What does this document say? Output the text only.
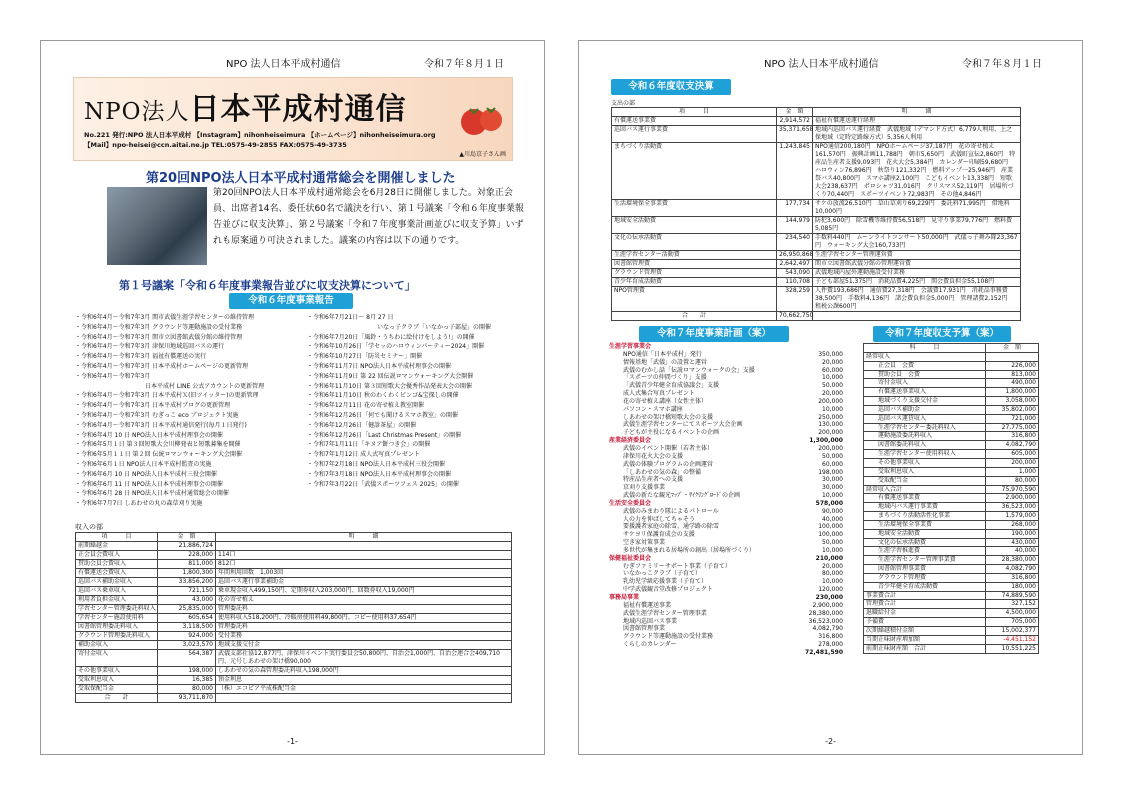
NPO 法人日本平成村通信	令和７年８月１日
NPO法人日本平成村通信
No.221 発行:NPO 法人日本平成村 【Instagram】nihonheiseimura 【ホームページ】nihonheiseimura.org
【Mail】npo-heisei@ccn.aitai.ne.jp TEL:0575-49-2855 FAX:0575-49-3735
▲川島京子さん画
第20回NPO法人日本平成村通常総会を開催しました
第20回NPO法人日本平成村通常総会を6月28日に開催しました。対象正会員、出席者14名、委任状60名で議決を行い、第１号議案「令和６年度事業報告並びに収支決算」、第２号議案「令和７年度事業計画並びに収支予算」いずれも原案通り可決されました。議案の内容は以下の通りです。
第１号議案「令和６年度事業報告並びに収支決算について」
令和６年度事業報告
・令和6年4月～令和7年3月 関市武儀生涯学習センターの維持管理
・令和6年4月～令和7年3月 グラウンド等運動施設の受付業務
・令和6年4月～令和7年3月 関市立図書館武儀分館の維持管理
・令和6年4月～令和7年3月 津保川地域巡回バスの運行
・令和6年4月～令和7年3月 福祉有償運送の実行
・令和6年4月～令和7年3月 日本平成村ホームページの更新管理
・令和6年4月～令和7年3月
日本平成村 LINE 公式アカウントの更新管理
・令和6年4月～令和7年3月 日本平成村Ｘ(旧ツイッター)の更新管理
・令和6年4月～令和7年3月 日本平成村ブログの更新管理
・令和6年4月～令和7年3月 むぎっこ eco プロジェクト実施
・令和6年4月～令和7年3月 日本平成村通信発行(毎月１日発行)
・令和6年4月 10 日 NPO法人日本平成村理事会の開催
・令和6年5月１日 第３回短歌大会川柳発表と短歌募集を開催
・令和6年5月１１日 第２回 伝統ロマンウォーキング大会開催
・令和6年6月１日 NPO法人日本平成村監査の実施
・令和6年6月 10 日 NPO法人日本平成村三役会開催
・令和6年6月 11 日 NPO法人日本平成村理事会の開催
・令和6年6月 28 日 NPO法人日本平成村通常総会の開催
・令和6年7月7日 しあわせの丸の森草刈り実施
・令和6年7月21日～ 8月 27 日
いなっ子クラブ「いなかっ子部屋」の開催
・令和6年7月20日「風鈴・うちわに絵付けをしよう!」の開催
・令和6年10月26日「学セッのハロウィンパーティー2024」開催
・令和6年10月27日「防災セミナー」開催
・令和6年11月7日 NPO法人日本平成村理事会の開催
・令和6年11月9日 第 22 回伝説ロマンウォーキング大会開催
・令和6年11月10日 第３回短歌大会優秀作品発表大会の開催
・令和6年11月10日 秋のわくわくビンゴ&宝探しの開催
・令和6年12月11日 花の寄せ植え教室開催
・令和6年12月26日「何でも聞けるスマホ教室」の開催
・令和6年12月26日「健診茶屋」の開催
・令和6年12月26日「Last Christmas Present」の開催
・令和7年1月11日「キヌア餅つき会」の開催
・令和7年1月12日 成人式写真プレゼント
・令和7年2月18日 NPO法人日本平成村三役会開催
・令和7年3月18日 NPO法人日本平成村理事会の開催
・令和7年3月22日「武儀スポーツフェス 2025」の開催
収入の部
項　　　目	金　額	明　　　細
前期繰越金	21,886,724	
正会員会費収入	228,000	114口
賛助会員会費収入	811,000	812口
有償運送会費収入	1,800,300	年間利用回数　1,003回
巡回バス補助金収入	33,856,200	巡回バス運行事業補助金
巡回バス乗車収入	721,150	乗車現金収入499,150円、定期券収入203,000円、回数券収入19,000円
利用者負担金収入	43,000	花の寄せ植え
学習センター管理委託料収入	25,835,000	管理委託料
学習センター施設使用料	605,654	使用料収入518,200円、冷暖房使用料49,800円、コピー使用料37,654円
図書館管理委託料収入	3,118,500	管理委託料
グラウンド管理委託料収入	924,000	受付業務
補助金収入	3,023,570	地域支援交付金
寄付金収入	564,387	武儀支部社協12,877円、津保川イベント実行委員会50,800円、自治会1,000円、自治会連合会409,710円、元号しあわせの架け橋90,000
その他事業収入	198,000	しあわせの気の森管理委託料収入198,000円
受取利息収入	16,385	預金利息
受取保配当金	80,000	（株）エコピア平成株配当金
合　　計	93,711,870	
-1-
NPO 法人日本平成村通信	令和７年８月１日
令和６年度収支決算
支出の部
項　　　目	金　額	明　　　細
有償運送事業費	2,914,572	福祉有償運送運行経理
巡回バス運行事業費	35,371,658	地域内巡回バス運行経費　武儀地域（デマンド方式）6,779人利用、上之保地域（定時定路線方式）5,356人利用
まちづくり活動費	1,243,845	NPO通信200,180円　NPOホームページ37,187円　花の寄せ植え161,570円　振興計画11,788円　朝市5,650円　武儀町宣伝2,860円　特産品生産者支援9,093円　花火大会5,384円　カレンダー印刷59,680円　ハロウィン76,896円　秋祭り121,332円　燃料アップ一25,946円　産業祭バス40,800円　スマホ講座2,100円　こどもイベント13,338円　短歌大会238,637円　ポロシャツ31,016円　クリスマス52,119円　居場所づくり70,440円　スポーツイベント72,983円　その他4,846円
生活環境保全事業費	177,734	サケの放流26,510円　草山草刈り69,229円　委託料71,995円　借地料10,000円
地域安全活動費	144,979	防犯3,600円　除雪機等維持費56,518円　見守り事業79,776円　燃料費5,085円
文化の伝承活動費	234,540	手数料440円　ムーンライトコンサート50,000円　武儀っ子舞み隊23,367円　ウォーキング大会160,733円
生涯学習センター活動費	26,950,868	生涯学習センター管理運営費
図書館管理費	2,642,497	関市立図書館武儀分館の管理運営費
グラウンド管理費	543,090	武儀地域内屋外運動施設受付業務
青少年育成活動費	110,708	子ども部屋51,375円　消耗品費4,225円　関会費負担金55,108円
NPO管理費	328,259	人件費193,686円　通信費27,318円　会議費17,931円　消耗品事務費38,500円　手数料4,136円　諸会費負担金5,000円　管理諸費2,152円　租税公課600円
合　　計	70,662,750	
令和７年度事業計画（案）
生涯学習事業会
NPO通信「日本平成村」発行	350,000
情報基地「武儀」の設置と運営	20,000
武儀のむかし話「伝説ロマンウォークの会」支援	60,000
「スポーツの仲間づくり」支援	10,000
「武儀青少年健全育成協議会」支援	50,000
成人式集合写真プレゼント	20,000
花の寄せ植え講座（女性主体）	200,000
パソコン・スマホ講座	10,000
しあわせの架け橋短歌大会の支援	250,000
武儀生涯学習センターにてスポーツ大会企画	130,000
子どもが主役になるイベントの企画	200,000
産業経済委員会	1,300,000
武儀のイベント開催（若者主体）	200,000
津保川花火大会の支援	50,000
武儀の体験プログラムの企画運営	60,000
「しあわせの気の森」の整備	198,000
特産品生産者への支援	30,000
京刈り支援事業	30,000
武儀の新たな観光ﾏｯﾌﾟ・ｻｲｸﾘﾝｸﾞﾛｰﾄﾞの企画	10,000
生活安全委員会	578,000
武儀のみまわり隊によるパトロール	90,000
人の力を伸ばしてちゃそう	40,000
要援護者家庭の除雪、通学路の除雪	100,000
サケヨリ保護育成会の支援	100,000
空き家対策事業	50,000
多世代が集まれる居場所の創出（居場所づくり）	10,000
保健福祉委員会	210,000
むぎファミリーサポート事業（子育て）	20,000
いなかっこクラブ（子育て）	80,000
乳幼児学級応援事業（子育て）	10,000
中学武儀観音堂改修プロジェクト	120,000
事務局事業	230,000
福祉有償運送事業	2,900,000
武儀生涯学習センター管理事業	28,380,000
地域内巡回バス事業	36,523,000
図書館管理事業	4,082,790
グラウンド等運動施設の受付業務	316,800
くらしのカレンダー	278,000
72,481,590
令和７年度収支予算（案）
科　　　目	金　額
経常収入	
正会員　会費	226,000
賛助会員　会費	813,000
寄付金収入	490,000
有償運送事業収入	1,800,000
地域づくり支援交付金	3,058,000
巡回バス補助金	35,802,000
巡回バス運賃収入	721,000
生涯学習センター委託料収入	27,775,000
運動施設委託料収入	316,800
図書館委託料収入	4,082,790
生涯学習センター使用料収入	605,000
その他事業収入	200,000
受取利息収入	1,000
受取配当金	80,000
経常収入合計	75,970,590
有償運送事業費	2,900,000
地域内バス運行事業費	36,523,000
まちづくり活動活性化事業	1,579,000
生活環境保全事業費	268,000
地域安全活動費	190,000
文化の伝承活動費	430,000
生涯学習推進費	40,000
生涯学習センター管理事業費	28,380,000
図書館管理事業費	4,082,790
グラウンド管理費	316,800
青少年健全育成活動費	180,000
事業費合計	74,889,590
管理費合計	327,152
退職給付金	4,500,000
予備費	705,000
次期繰越積付金額	15,002,377
当期正味財産増加額	-4,451,152
前期正味財産額　合計	10,551,225
-2-
